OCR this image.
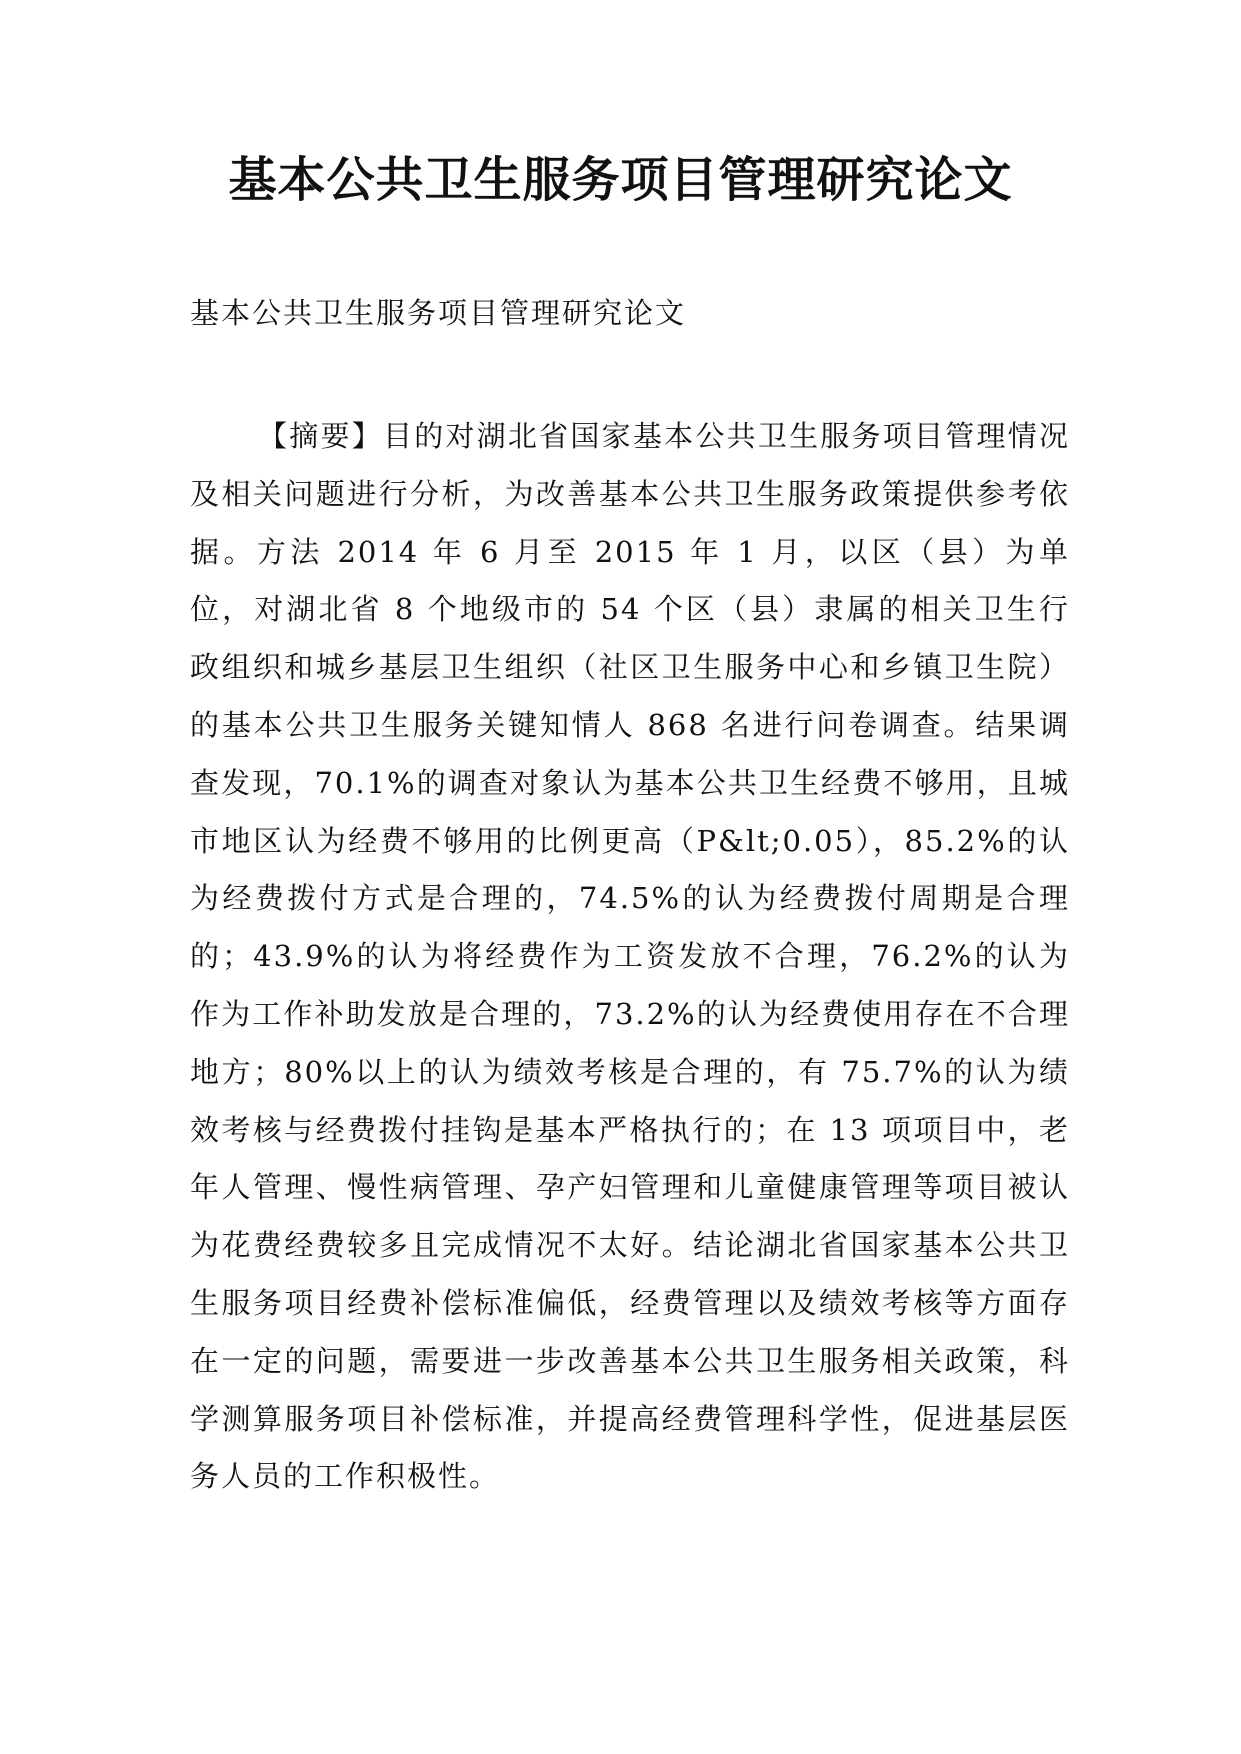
基本公共卫生服务项目管理研究论文
基本公共卫生服务项目管理研究论文

【摘要】目的对湖北省国家基本公共卫生服务项目管理情况及相关问题进行分析，为改善基本公共卫生服务政策提供参考依据。方法 2014 年 6 月至 2015 年 1 月，以区（县）为单位，对湖北省 8 个地级市的 54 个区（县）隶属的相关卫生行政组织和城乡基层卫生组织（社区卫生服务中心和乡镇卫生院）的基本公共卫生服务关键知情人 868 名进行问卷调查。结果调查发现，70.1%的调查对象认为基本公共卫生经费不够用，且城市地区认为经费不够用的比例更高（P&lt;0.05），85.2%的认为经费拨付方式是合理的，74.5%的认为经费拨付周期是合理的；43.9%的认为将经费作为工资发放不合理，76.2%的认为作为工作补助发放是合理的，73.2%的认为经费使用存在不合理地方；80%以上的认为绩效考核是合理的，有 75.7%的认为绩效考核与经费拨付挂钩是基本严格执行的；在 13 项项目中，老年人管理、慢性病管理、孕产妇管理和儿童健康管理等项目被认为花费经费较多且完成情况不太好。结论湖北省国家基本公共卫生服务项目经费补偿标准偏低，经费管理以及绩效考核等方面存在一定的问题，需要进一步改善基本公共卫生服务相关政策，科学测算服务项目补偿标准，并提高经费管理科学性，促进基层医务人员的工作积极性。
